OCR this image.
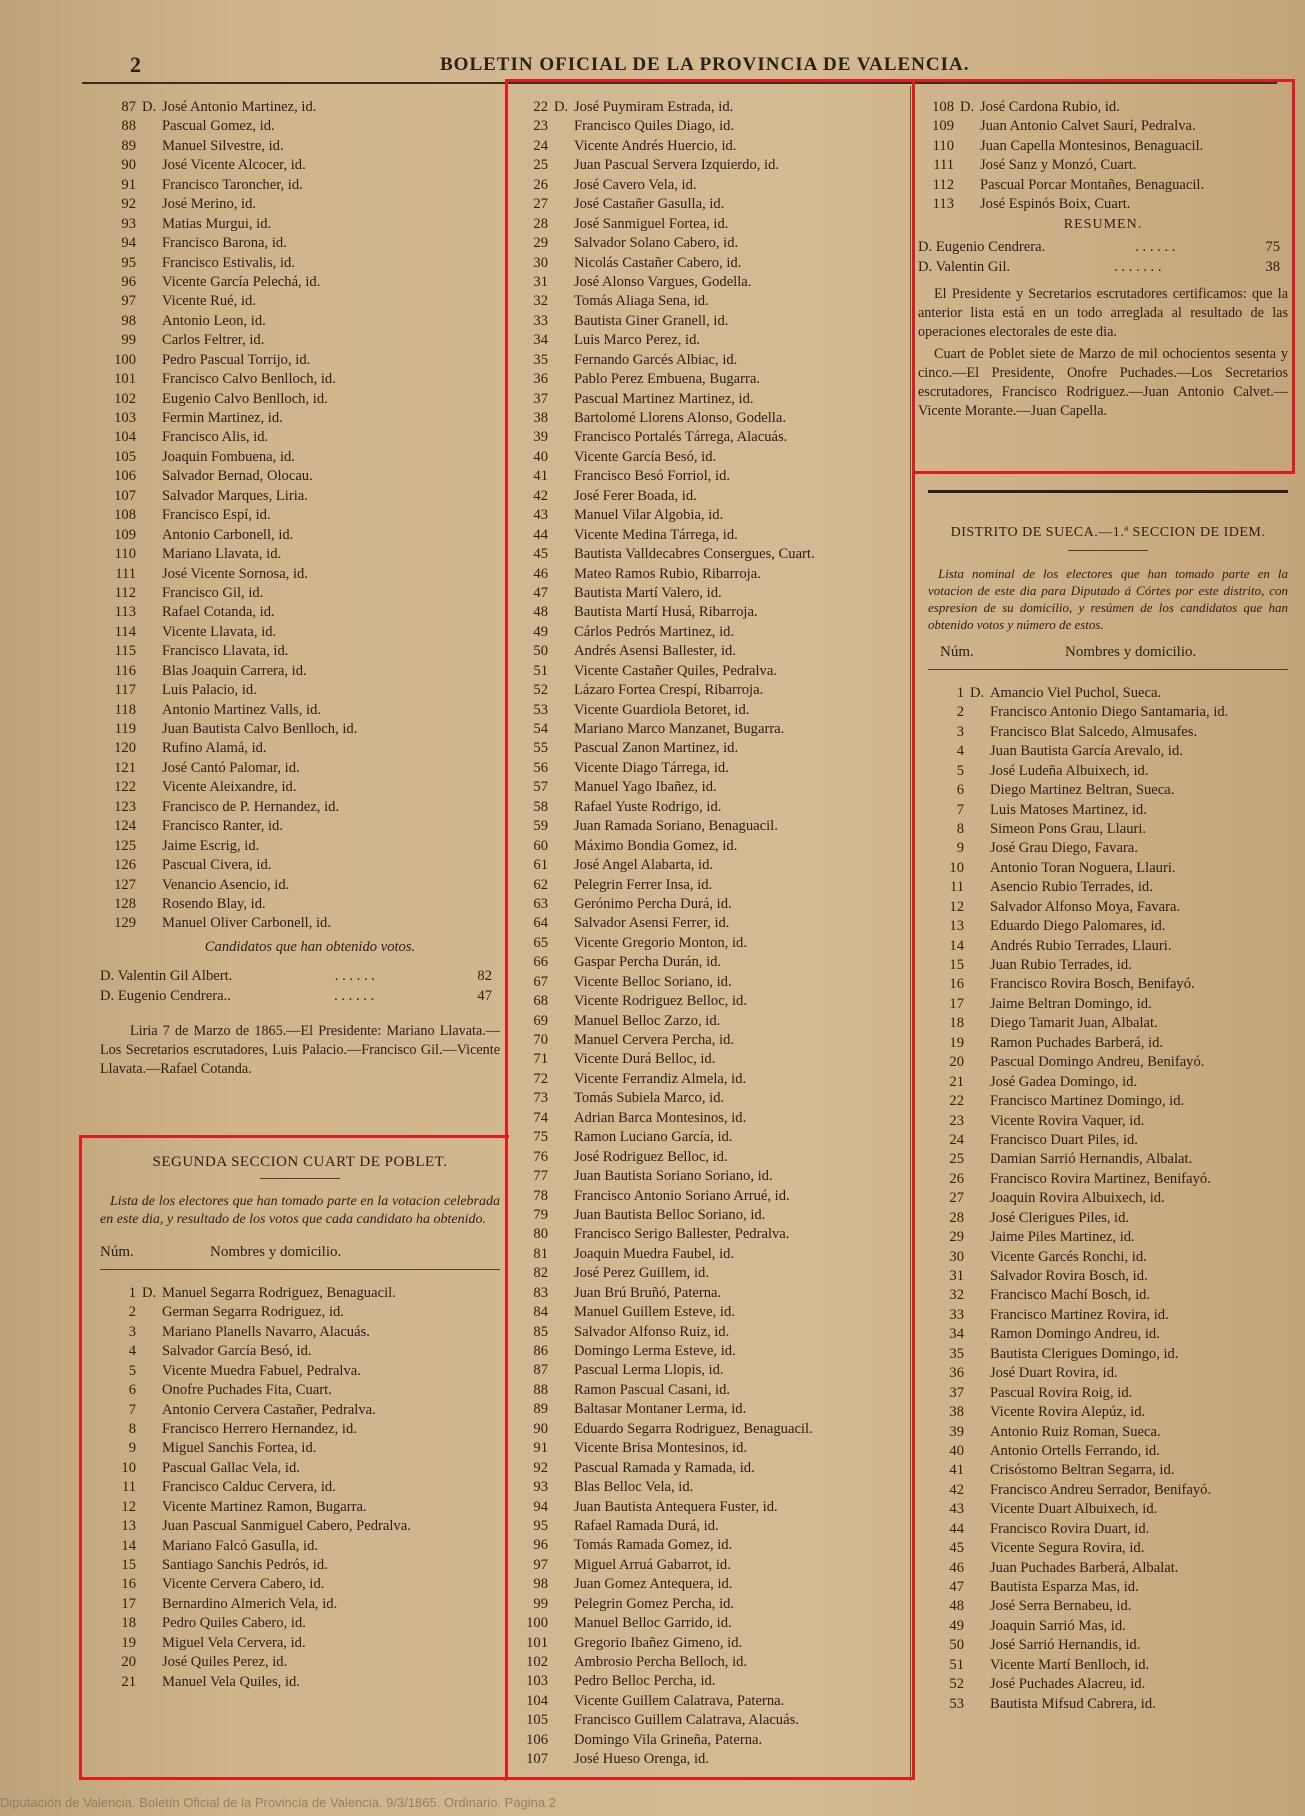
2	BOLETIN OFICIAL DE LA PROVINCIA DE VALENCIA.
87 D. José Antonio Martinez, id.
88	Pascual Gomez, id.
89	Manuel Silvestre, id.
90	José Vicente Alcocer, id.
91	Francisco Taroncher, id.
92	José Merino, id.
93	Matias Murgui, id.
94	Francisco Barona, id.
95	Francisco Estivalis, id.
96	Vicente García Pelechá, id.
97	Vicente Rué, id.
98	Antonio Leon, id.
99	Carlos Feltrer, id.
100	Pedro Pascual Torrijo, id.
101	Francisco Calvo Benlloch, id.
102	Eugenio Calvo Benlloch, id.
103	Fermin Martinez, id.
104	Francisco Alis, id.
105	Joaquin Fombuena, id.
106	Salvador Bernad, Olocau.
107	Salvador Marques, Liria.
108	Francisco Espí, id.
109	Antonio Carbonell, id.
110	Mariano Llavata, id.
111	José Vicente Sornosa, id.
112	Francisco Gil, id.
113	Rafael Cotanda, id.
114	Vicente Llavata, id.
115	Francisco Llavata, id.
116	Blas Joaquin Carrera, id.
117	Luis Palacio, id.
118	Antonio Martinez Valls, id.
119	Juan Bautista Calvo Benlloch, id.
120	Rufino Alamá, id.
121	José Cantó Palomar, id.
122	Vicente Aleixandre, id.
123	Francisco de P. Hernandez, id.
124	Francisco Ranter, id.
125	Jaime Escrig, id.
126	Pascual Civera, id.
127	Venancio Asencio, id.
128	Rosendo Blay, id.
129	Manuel Oliver Carbonell, id.
Candidatos que han obtenido votos.
D. Valentin Gil Albert.	. . . . . .	82
D. Eugenio Cendrera..	. . . . . .	47
Liria 7 de Marzo de 1865.—El Presidente: Mariano Llavata.—Los Secretarios escrutadores, Luis Palacio.—Francisco Gil.—Vicente Llavata.—Rafael Cotanda.
SEGUNDA SECCION CUART DE POBLET.
Lista de los electores que han tomado parte en la votacion celebrada en este dia, y resultado de los votos que cada candidato ha obtenido.
Núm.	Nombres y domicilio.
1 D. Manuel Segarra Rodriguez, Benaguacil.
2	German Segarra Rodriguez, id.
3	Mariano Planells Navarro, Alacuás.
4	Salvador García Besó, id.
5	Vicente Muedra Fabuel, Pedralva.
6	Onofre Puchades Fita, Cuart.
7	Antonio Cervera Castañer, Pedralva.
8	Francisco Herrero Hernandez, id.
9	Miguel Sanchis Fortea, id.
10	Pascual Gallac Vela, id.
11	Francisco Calduc Cervera, id.
12	Vicente Martinez Ramon, Bugarra.
13	Juan Pascual Sanmiguel Cabero, Pedralva.
14	Mariano Falcó Gasulla, id.
15	Santiago Sanchis Pedrós, id.
16	Vicente Cervera Cabero, id.
17	Bernardino Almerich Vela, id.
18	Pedro Quiles Cabero, id.
19	Miguel Vela Cervera, id.
20	José Quiles Perez, id.
21	Manuel Vela Quiles, id.
22 D. José Puymiram Estrada, id.
23	Francisco Quiles Diago, id.
24	Vicente Andrés Huercio, id.
25	Juan Pascual Servera Izquierdo, id.
26	José Cavero Vela, id.
27	José Castañer Gasulla, id.
28	José Sanmiguel Fortea, id.
29	Salvador Solano Cabero, id.
30	Nicolás Castañer Cabero, id.
31	José Alonso Vargues, Godella.
32	Tomás Aliaga Sena, id.
33	Bautista Giner Granell, id.
34	Luis Marco Perez, id.
35	Fernando Garcés Albiac, id.
36	Pablo Perez Embuena, Bugarra.
37	Pascual Martinez Martinez, id.
38	Bartolomé Llorens Alonso, Godella.
39	Francisco Portalés Tárrega, Alacuás.
40	Vicente García Besó, id.
41	Francisco Besó Forriol, id.
42	José Ferer Boada, id.
43	Manuel Vilar Algobia, id.
44	Vicente Medina Tárrega, id.
45	Bautista Valldecabres Consergues, Cuart.
46	Mateo Ramos Rubio, Ribarroja.
47	Bautista Martí Valero, id.
48	Bautista Martí Husá, Ribarroja.
49	Cárlos Pedrós Martinez, id.
50	Andrés Asensi Ballester, id.
51	Vicente Castañer Quiles, Pedralva.
52	Lázaro Fortea Crespí, Ribarroja.
53	Vicente Guardiola Betoret, id.
54	Mariano Marco Manzanet, Bugarra.
55	Pascual Zanon Martinez, id.
56	Vicente Diago Tárrega, id.
57	Manuel Yago Ibañez, id.
58	Rafael Yuste Rodrigo, id.
59	Juan Ramada Soriano, Benaguacil.
60	Máximo Bondia Gomez, id.
61	José Angel Alabarta, id.
62	Pelegrin Ferrer Insa, id.
63	Gerónimo Percha Durá, id.
64	Salvador Asensi Ferrer, id.
65	Vicente Gregorio Monton, id.
66	Gaspar Percha Durán, id.
67	Vicente Belloc Soriano, id.
68	Vicente Rodriguez Belloc, id.
69	Manuel Belloc Zarzo, id.
70	Manuel Cervera Percha, id.
71	Vicente Durá Belloc, id.
72	Vicente Ferrandiz Almela, id.
73	Tomás Subiela Marco, id.
74	Adrian Barca Montesinos, id.
75	Ramon Luciano García, id.
76	José Rodriguez Belloc, id.
77	Juan Bautista Soriano Soriano, id.
78	Francisco Antonio Soriano Arrué, id.
79	Juan Bautista Belloc Soriano, id.
80	Francisco Serigo Ballester, Pedralva.
81	Joaquin Muedra Faubel, id.
82	José Perez Guillem, id.
83	Juan Brú Bruñó, Paterna.
84	Manuel Guillem Esteve, id.
85	Salvador Alfonso Ruiz, id.
86	Domingo Lerma Esteve, id.
87	Pascual Lerma Llopis, id.
88	Ramon Pascual Casani, id.
89	Baltasar Montaner Lerma, id.
90	Eduardo Segarra Rodriguez, Benaguacil.
91	Vicente Brisa Montesinos, id.
92	Pascual Ramada y Ramada, id.
93	Blas Belloc Vela, id.
94	Juan Bautista Antequera Fuster, id.
95	Rafael Ramada Durá, id.
96	Tomás Ramada Gomez, id.
97	Miguel Arruá Gabarrot, id.
98	Juan Gomez Antequera, id.
99	Pelegrin Gomez Percha, id.
100	Manuel Belloc Garrido, id.
101	Gregorio Ibañez Gimeno, id.
102	Ambrosio Percha Belloch, id.
103	Pedro Belloc Percha, id.
104	Vicente Guillem Calatrava, Paterna.
105	Francisco Guillem Calatrava, Alacuás.
106	Domingo Vila Grineña, Paterna.
107	José Hueso Orenga, id.
108 D. José Cardona Rubio, id.
109	Juan Antonio Calvet Saurí, Pedralva.
110	Juan Capella Montesinos, Benaguacil.
111	José Sanz y Monzó, Cuart.
112	Pascual Porcar Montañes, Benaguacil.
113	José Espinós Boix, Cuart.
RESUMEN.
D. Eugenio Cendrera.	. . . . . .	75
D. Valentin Gil.	. . . . . . .	38
El Presidente y Secretarios escrutadores certificamos: que la anterior lista está en un todo arreglada al resultado de las operaciones electorales de este dia.
Cuart de Poblet siete de Marzo de mil ochocientos sesenta y cinco.—El Presidente, Onofre Puchades.—Los Secretarios escrutadores, Francisco Rodriguez.—Juan Antonio Calvet.—Vicente Morante.—Juan Capella.
DISTRITO DE SUECA.—1.ª SECCION DE IDEM.
Lista nominal de los electores que han tomado parte en la votacion de este dia para Diputado á Córtes por este distrito, con espresion de su domicilio, y resúmen de los candidatos que han obtenido votos y número de estos.
Núm.	Nombres y domicilio.
1 D. Amancio Viel Puchol, Sueca.
2	Francisco Antonio Diego Santamaria, id.
3	Francisco Blat Salcedo, Almusafes.
4	Juan Bautista García Arevalo, id.
5	José Ludeña Albuixech, id.
6	Diego Martinez Beltran, Sueca.
7	Luis Matoses Martinez, id.
8	Simeon Pons Grau, Llauri.
9	José Grau Diego, Favara.
10	Antonio Toran Noguera, Llauri.
11	Asencio Rubio Terrades, id.
12	Salvador Alfonso Moya, Favara.
13	Eduardo Diego Palomares, id.
14	Andrés Rubio Terrades, Llauri.
15	Juan Rubio Terrades, id.
16	Francisco Rovira Bosch, Benifayó.
17	Jaime Beltran Domingo, id.
18	Diego Tamarit Juan, Albalat.
19	Ramon Puchades Barberá, id.
20	Pascual Domingo Andreu, Benifayó.
21	José Gadea Domingo, id.
22	Francisco Martinez Domingo, id.
23	Vicente Rovira Vaquer, id.
24	Francisco Duart Piles, id.
25	Damian Sarrió Hernandis, Albalat.
26	Francisco Rovira Martinez, Benifayó.
27	Joaquin Rovira Albuixech, id.
28	José Clerigues Piles, id.
29	Jaime Piles Martinez, id.
30	Vicente Garcés Ronchi, id.
31	Salvador Rovira Bosch, id.
32	Francisco Machí Bosch, id.
33	Francisco Martinez Rovira, id.
34	Ramon Domingo Andreu, id.
35	Bautista Clerigues Domingo, id.
36	José Duart Rovira, id.
37	Pascual Rovira Roig, id.
38	Vicente Rovira Alepúz, id.
39	Antonio Ruiz Roman, Sueca.
40	Antonio Ortells Ferrando, id.
41	Crisóstomo Beltran Segarra, id.
42	Francisco Andreu Serrador, Benifayó.
43	Vicente Duart Albuixech, id.
44	Francisco Rovira Duart, id.
45	Vicente Segura Rovira, id.
46	Juan Puchades Barberá, Albalat.
47	Bautista Esparza Mas, id.
48	José Serra Bernabeu, id.
49	Joaquin Sarrió Mas, id.
50	José Sarrió Hernandis, id.
51	Vicente Martí Benlloch, id.
52	José Puchades Alacreu, id.
53	Bautista Mifsud Cabrera, id.
Diputación de Valencia. Boletín Oficial de la Provincia de Valencia. 9/3/1865. Ordinario. Página 2
